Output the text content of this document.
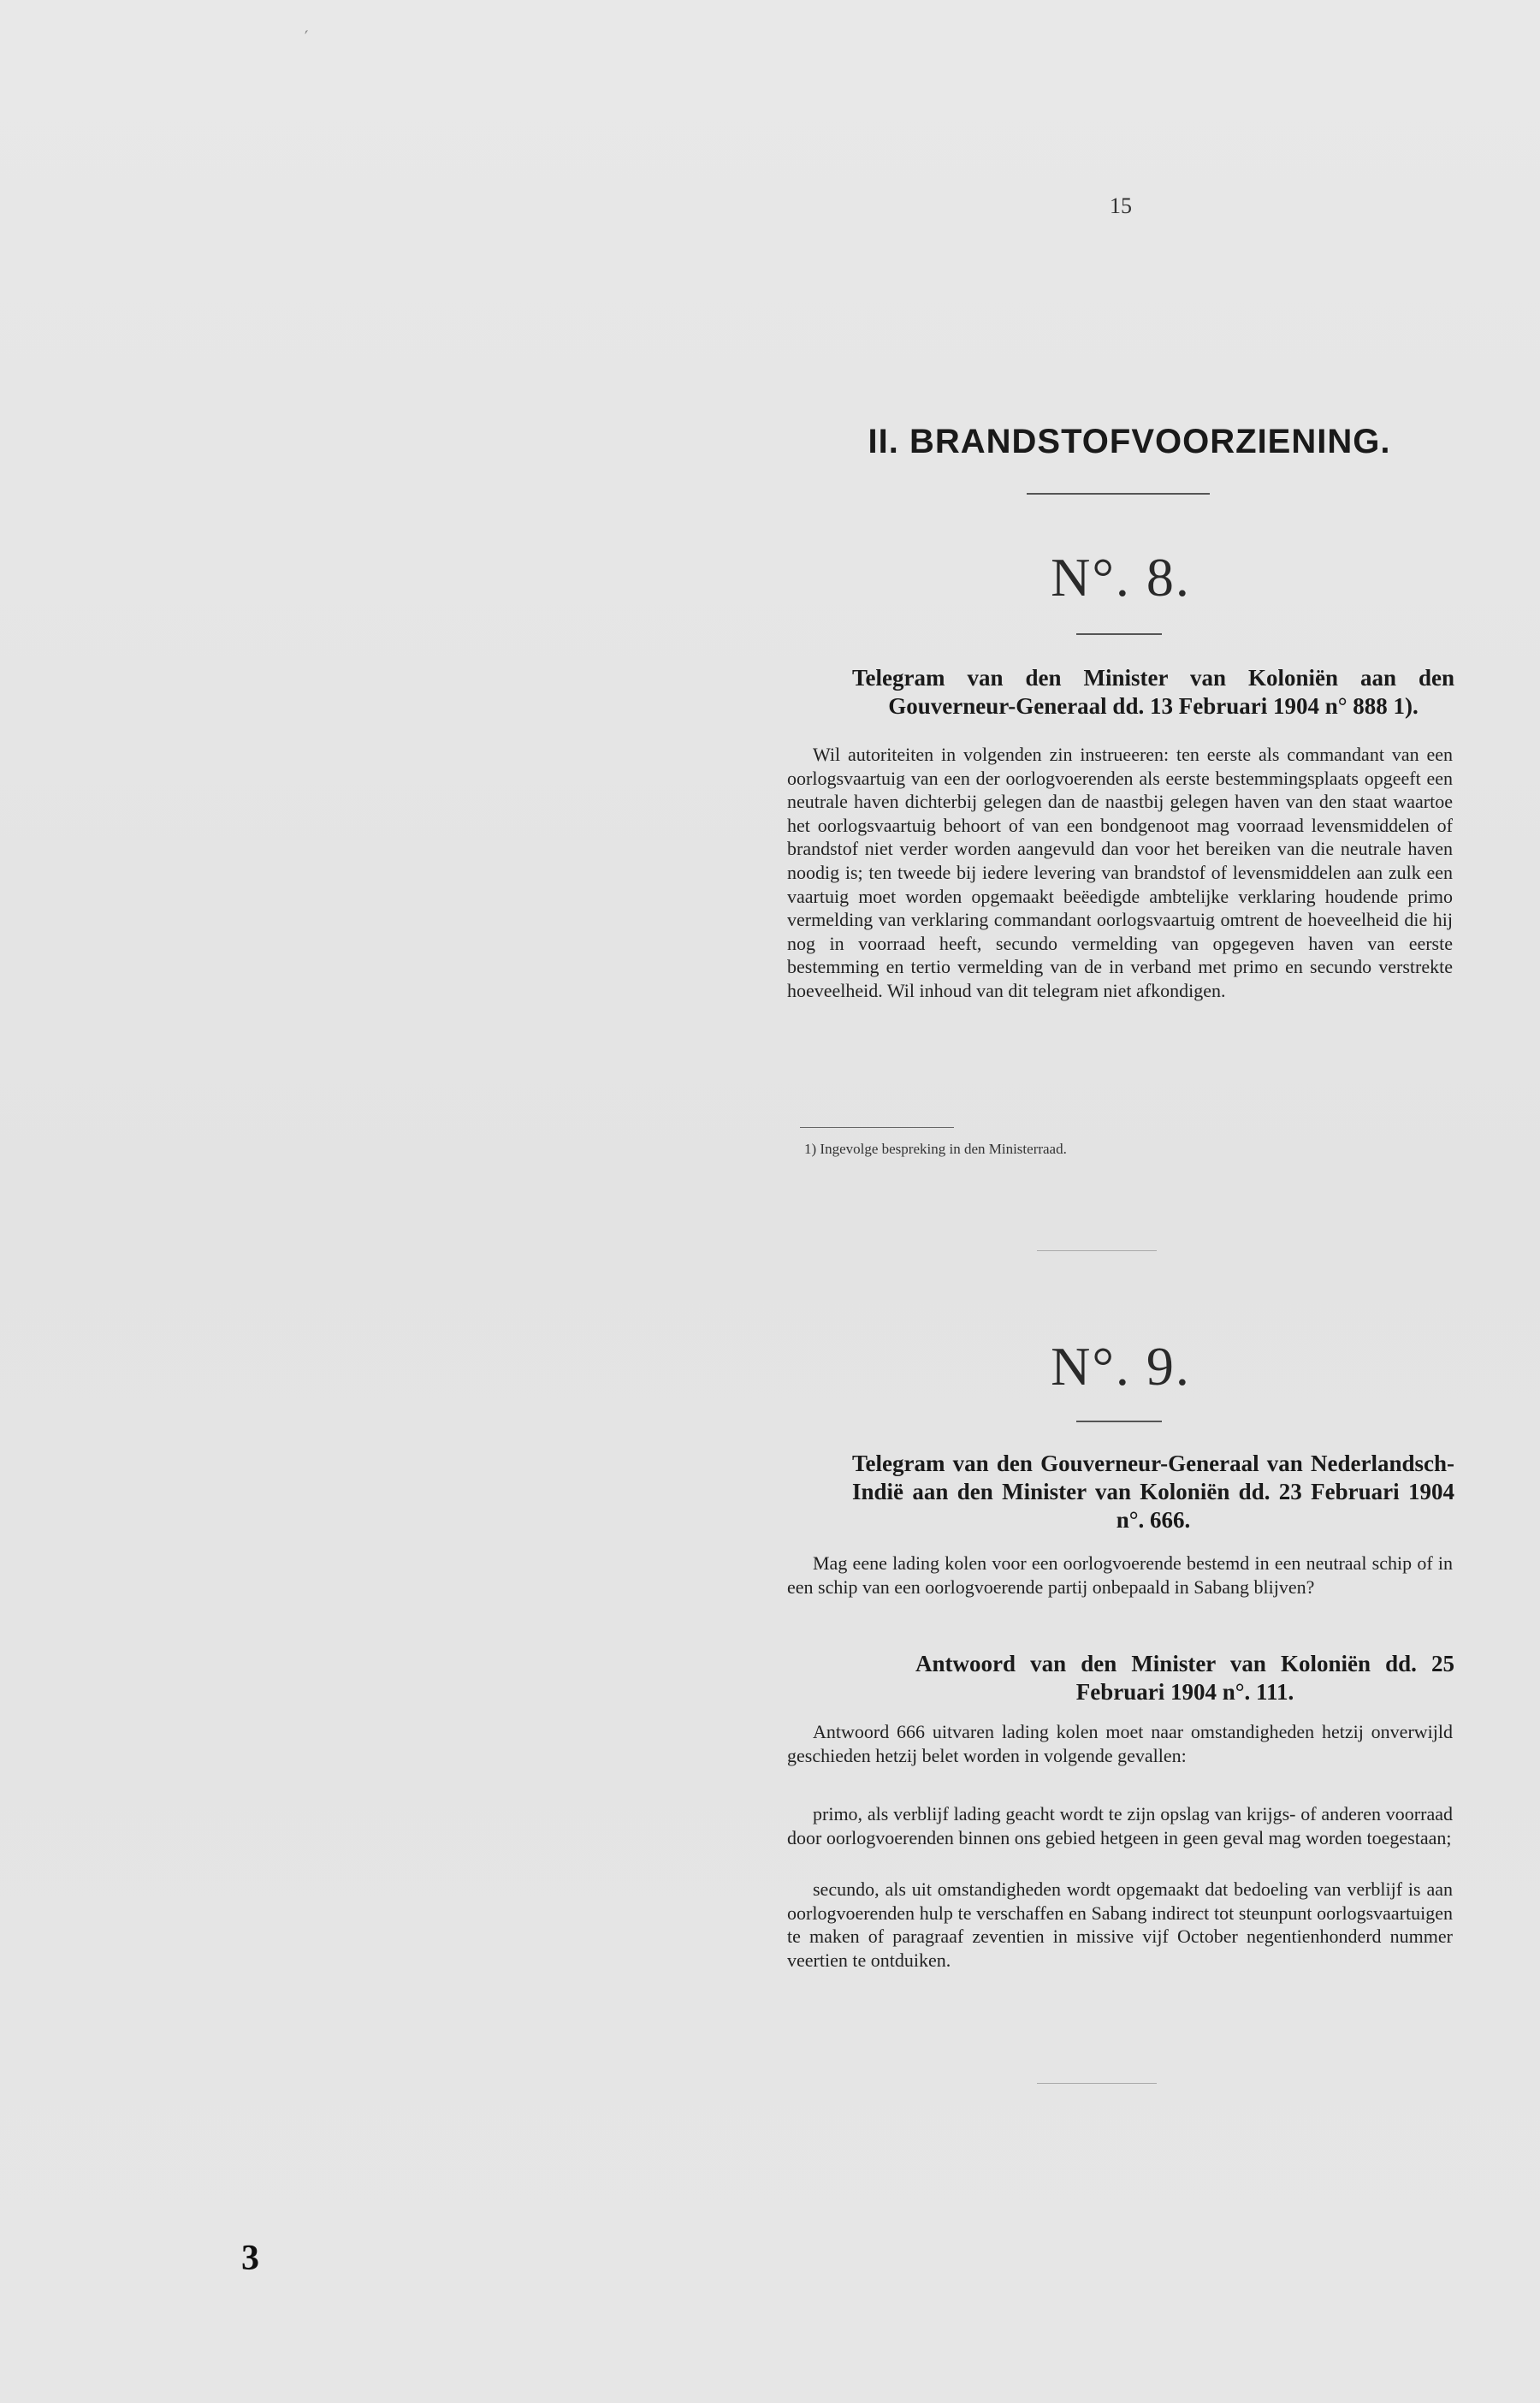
ˊ
15
II. BRANDSTOFVOORZIENING.
N°. 8.
Telegram van den Minister van Koloniën aan den Gouverneur-Generaal dd. 13 Februari 1904 n° 888 1).

Wil autoriteiten in volgenden zin instrueeren: ten eerste als commandant van een oorlogsvaartuig van een der oorlogvoerenden als eerste bestemmingsplaats opgeeft een neutrale haven dichterbij gelegen dan de naastbij gelegen haven van den staat waartoe het oorlogsvaartuig behoort of van een bondgenoot mag voorraad levensmiddelen of brandstof niet verder worden aangevuld dan voor het bereiken van die neutrale haven noodig is; ten tweede bij iedere levering van brandstof of levensmiddelen aan zulk een vaartuig moet worden opgemaakt beëedigde ambtelijke verklaring houdende primo vermelding van verklaring commandant oorlogsvaartuig omtrent de hoeveelheid die hij nog in voorraad heeft, secundo vermelding van opgegeven haven van eerste bestemming en tertio vermelding van de in verband met primo en secundo verstrekte hoeveelheid. Wil inhoud van dit telegram niet afkondigen.

1) Ingevolge bespreking in den Ministerraad.
N°. 9.
Telegram van den Gouverneur-Generaal van Nederlandsch-Indië aan den Minister van Koloniën dd. 23 Februari 1904 n°. 666.

Mag eene lading kolen voor een oorlogvoerende bestemd in een neutraal schip of in een schip van een oorlogvoerende partij onbepaald in Sabang blijven?

Antwoord van den Minister van Koloniën dd. 25 Februari 1904 n°. 111.

Antwoord 666 uitvaren lading kolen moet naar omstandigheden hetzij onverwijld geschieden hetzij belet worden in volgende gevallen:

primo, als verblijf lading geacht wordt te zijn opslag van krijgs- of anderen voorraad door oorlogvoerenden binnen ons gebied hetgeen in geen geval mag worden toegestaan;

secundo, als uit omstandigheden wordt opgemaakt dat bedoeling van verblijf is aan oorlogvoerenden hulp te verschaffen en Sabang indirect tot steunpunt oorlogsvaartuigen te maken of paragraaf zeventien in missive vijf October negentienhonderd nummer veertien te ontduiken.

3
